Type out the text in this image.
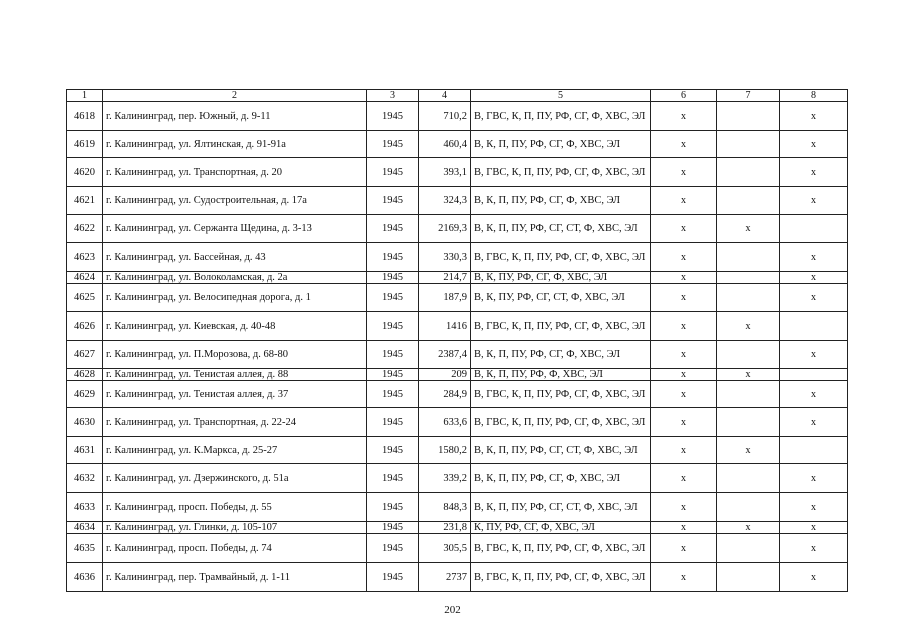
1	2	3	4	5	6	7	8
4618	г. Калининград, пер. Южный, д. 9-11	1945	710,2	В, ГВС, К, П, ПУ, РФ, СГ, Ф, ХВС, ЭЛ	x		x
4619	г. Калининград, ул. Ялтинская, д. 91-91а	1945	460,4	В, К, П, ПУ, РФ, СГ, Ф, ХВС, ЭЛ	x		x
4620	г. Калининград, ул. Транспортная, д. 20	1945	393,1	В, ГВС, К, П, ПУ, РФ, СГ, Ф, ХВС, ЭЛ	x		x
4621	г. Калининград, ул. Судостроительная, д. 17а	1945	324,3	В, К, П, ПУ, РФ, СГ, Ф, ХВС, ЭЛ	x		x
4622	г. Калининград, ул. Сержанта Щедина, д. 3-13	1945	2169,3	В, К, П, ПУ, РФ, СГ, СТ, Ф, ХВС, ЭЛ	x	x	
4623	г. Калининград, ул. Бассейная, д. 43	1945	330,3	В, ГВС, К, П, ПУ, РФ, СГ, Ф, ХВС, ЭЛ	x		x
4624	г. Калининград, ул. Волоколамская, д. 2а	1945	214,7	В, К, ПУ, РФ, СГ, Ф, ХВС, ЭЛ	x		x
4625	г. Калининград, ул. Велосипедная дорога, д. 1	1945	187,9	В, К, ПУ, РФ, СГ, СТ, Ф, ХВС, ЭЛ	x		x
4626	г. Калининград, ул. Киевская, д. 40-48	1945	1416	В, ГВС, К, П, ПУ, РФ, СГ, Ф, ХВС, ЭЛ	x	x	
4627	г. Калининград, ул. П.Морозова, д. 68-80	1945	2387,4	В, К, П, ПУ, РФ, СГ, Ф, ХВС, ЭЛ	x		x
4628	г. Калининград, ул. Тенистая аллея, д. 88	1945	209	В, К, П, ПУ, РФ, Ф, ХВС, ЭЛ	x	x	
4629	г. Калининград, ул. Тенистая аллея, д. 37	1945	284,9	В, ГВС, К, П, ПУ, РФ, СГ, Ф, ХВС, ЭЛ	x		x
4630	г. Калининград, ул. Транспортная, д. 22-24	1945	633,6	В, ГВС, К, П, ПУ, РФ, СГ, Ф, ХВС, ЭЛ	x		x
4631	г. Калининград, ул. К.Маркса, д. 25-27	1945	1580,2	В, К, П, ПУ, РФ, СГ, СТ, Ф, ХВС, ЭЛ	x	x	
4632	г. Калининград, ул. Дзержинского, д. 51а	1945	339,2	В, К, П, ПУ, РФ, СГ, Ф, ХВС, ЭЛ	x		x
4633	г. Калининград, просп. Победы, д. 55	1945	848,3	В, К, П, ПУ, РФ, СГ, СТ, Ф, ХВС, ЭЛ	x		x
4634	г. Калининград, ул. Глинки, д. 105-107	1945	231,8	К, ПУ, РФ, СГ, Ф, ХВС, ЭЛ	x	x	x
4635	г. Калининград, просп. Победы, д. 74	1945	305,5	В, ГВС, К, П, ПУ, РФ, СГ, Ф, ХВС, ЭЛ	x		x
4636	г. Калининград, пер. Трамвайный, д. 1-11	1945	2737	В, ГВС, К, П, ПУ, РФ, СГ, Ф, ХВС, ЭЛ	x		x
202
